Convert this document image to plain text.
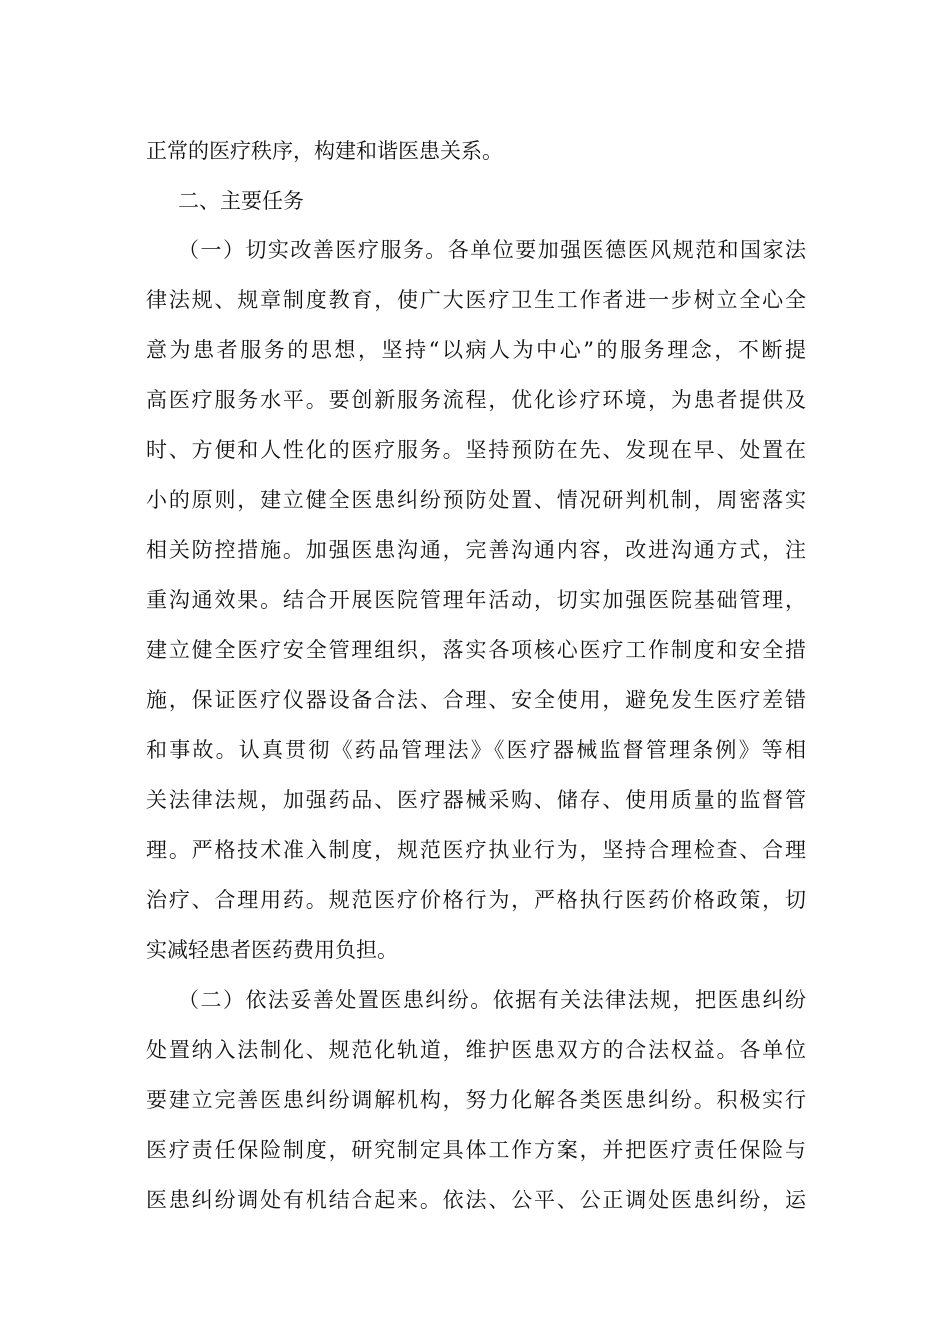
正常的医疗秩序，构建和谐医患关系。
二、主要任务
（一）切实改善医疗服务。各单位要加强医德医风规范和国家法
律法规、规章制度教育，使广大医疗卫生工作者进一步树立全心全
意为患者服务的思想，坚持“以病人为中心”的服务理念，不断提
高医疗服务水平。要创新服务流程，优化诊疗环境，为患者提供及
时、方便和人性化的医疗服务。坚持预防在先、发现在早、处置在
小的原则，建立健全医患纠纷预防处置、情况研判机制，周密落实
相关防控措施。加强医患沟通，完善沟通内容，改进沟通方式，注
重沟通效果。结合开展医院管理年活动，切实加强医院基础管理，
建立健全医疗安全管理组织，落实各项核心医疗工作制度和安全措
施，保证医疗仪器设备合法、合理、安全使用，避免发生医疗差错
和事故。认真贯彻《药品管理法》《医疗器械监督管理条例》等相
关法律法规，加强药品、医疗器械采购、储存、使用质量的监督管
理。严格技术准入制度，规范医疗执业行为，坚持合理检查、合理
治疗、合理用药。规范医疗价格行为，严格执行医药价格政策，切
实减轻患者医药费用负担。
（二）依法妥善处置医患纠纷。依据有关法律法规，把医患纠纷
处置纳入法制化、规范化轨道，维护医患双方的合法权益。各单位
要建立完善医患纠纷调解机构，努力化解各类医患纠纷。积极实行
医疗责任保险制度，研究制定具体工作方案，并把医疗责任保险与
医患纠纷调处有机结合起来。依法、公平、公正调处医患纠纷，运
